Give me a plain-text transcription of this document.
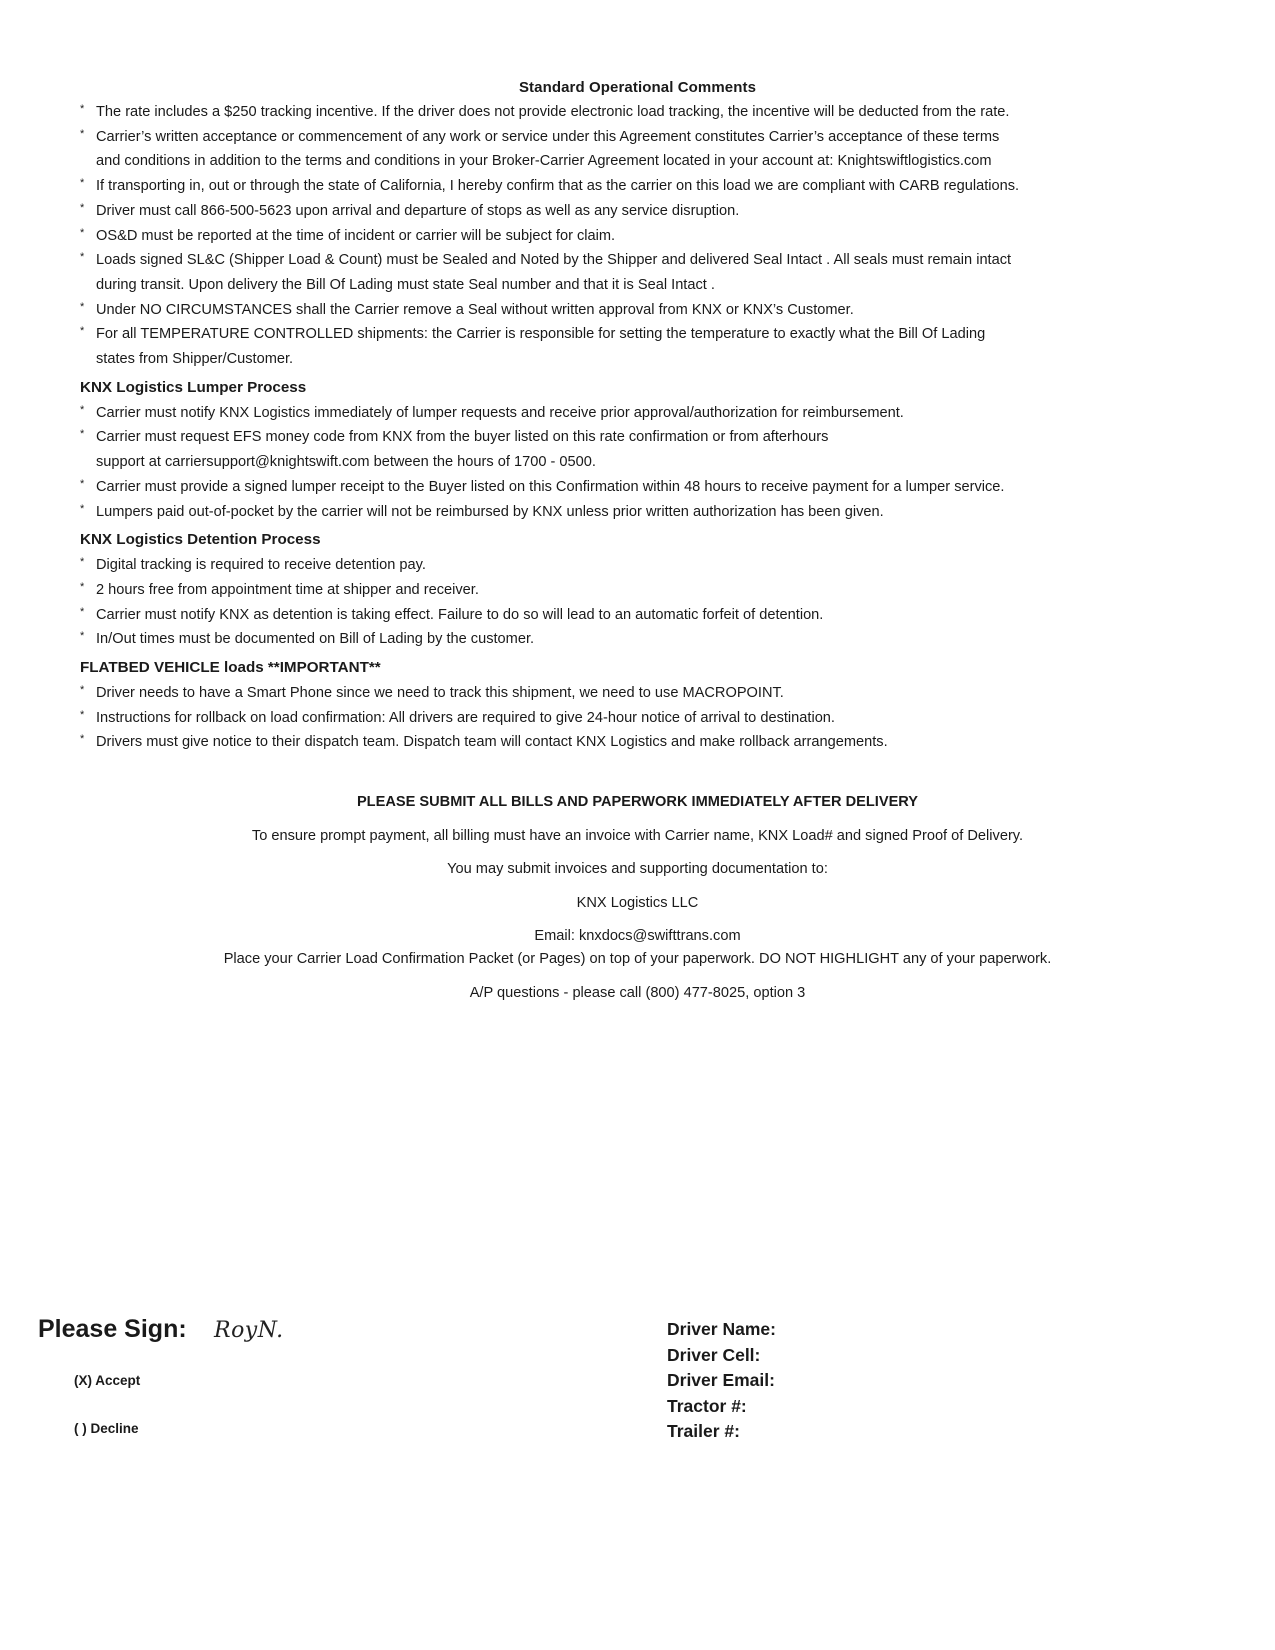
Standard Operational Comments
* The rate includes a $250 tracking incentive. If the driver does not provide electronic load tracking, the incentive will be deducted from the rate.
* Carrier’s written acceptance or commencement of any work or service under this Agreement constitutes Carrier’s acceptance of these terms
and conditions in addition to the terms and conditions in your Broker-Carrier Agreement located in your account at: Knightswiftlogistics.com
* If transporting in, out or through the state of California, I hereby confirm that as the carrier on this load we are compliant with CARB regulations.
* Driver must call 866-500-5623 upon arrival and departure of stops as well as any service disruption.
* OS&D must be reported at the time of incident or carrier will be subject for claim.
* Loads signed SL&C (Shipper Load & Count) must be Sealed and Noted by the Shipper and delivered Seal Intact . All seals must remain intact
during transit. Upon delivery the Bill Of Lading must state Seal number and that it is Seal Intact .
* Under NO CIRCUMSTANCES shall the Carrier remove a Seal without written approval from KNX or KNX’s Customer.
* For all TEMPERATURE CONTROLLED shipments: the Carrier is responsible for setting the temperature to exactly what the Bill Of Lading
states from Shipper/Customer.
KNX Logistics Lumper Process
* Carrier must notify KNX Logistics immediately of lumper requests and receive prior approval/authorization for reimbursement.
* Carrier must request EFS money code from KNX from the buyer listed on this rate confirmation or from afterhours
support at carriersupport@knightswift.com between the hours of 1700 - 0500.
* Carrier must provide a signed lumper receipt to the Buyer listed on this Confirmation within 48 hours to receive payment for a lumper service.
* Lumpers paid out-of-pocket by the carrier will not be reimbursed by KNX unless prior written authorization has been given.
KNX Logistics Detention Process
* Digital tracking is required to receive detention pay.
* 2 hours free from appointment time at shipper and receiver.
* Carrier must notify KNX as detention is taking effect. Failure to do so will lead to an automatic forfeit of detention.
* In/Out times must be documented on Bill of Lading by the customer.
FLATBED VEHICLE loads **IMPORTANT**
* Driver needs to have a Smart Phone since we need to track this shipment, we need to use MACROPOINT.
* Instructions for rollback on load confirmation: All drivers are required to give 24-hour notice of arrival to destination.
* Drivers must give notice to their dispatch team. Dispatch team will contact KNX Logistics and make rollback arrangements.
PLEASE SUBMIT ALL BILLS AND PAPERWORK IMMEDIATELY AFTER DELIVERY
To ensure prompt payment, all billing must have an invoice with Carrier name, KNX Load# and signed Proof of Delivery.
You may submit invoices and supporting documentation to:
KNX Logistics LLC
Email: knxdocs@swifttrans.com
Place your Carrier Load Confirmation Packet (or Pages) on top of your paperwork. DO NOT HIGHLIGHT any of your paperwork.
A/P questions - please call (800) 477-8025, option 3
Please Sign: RoyN.
(X) Accept
( ) Decline
Driver Name:
Driver Cell:
Driver Email:
Tractor #:
Trailer #:
